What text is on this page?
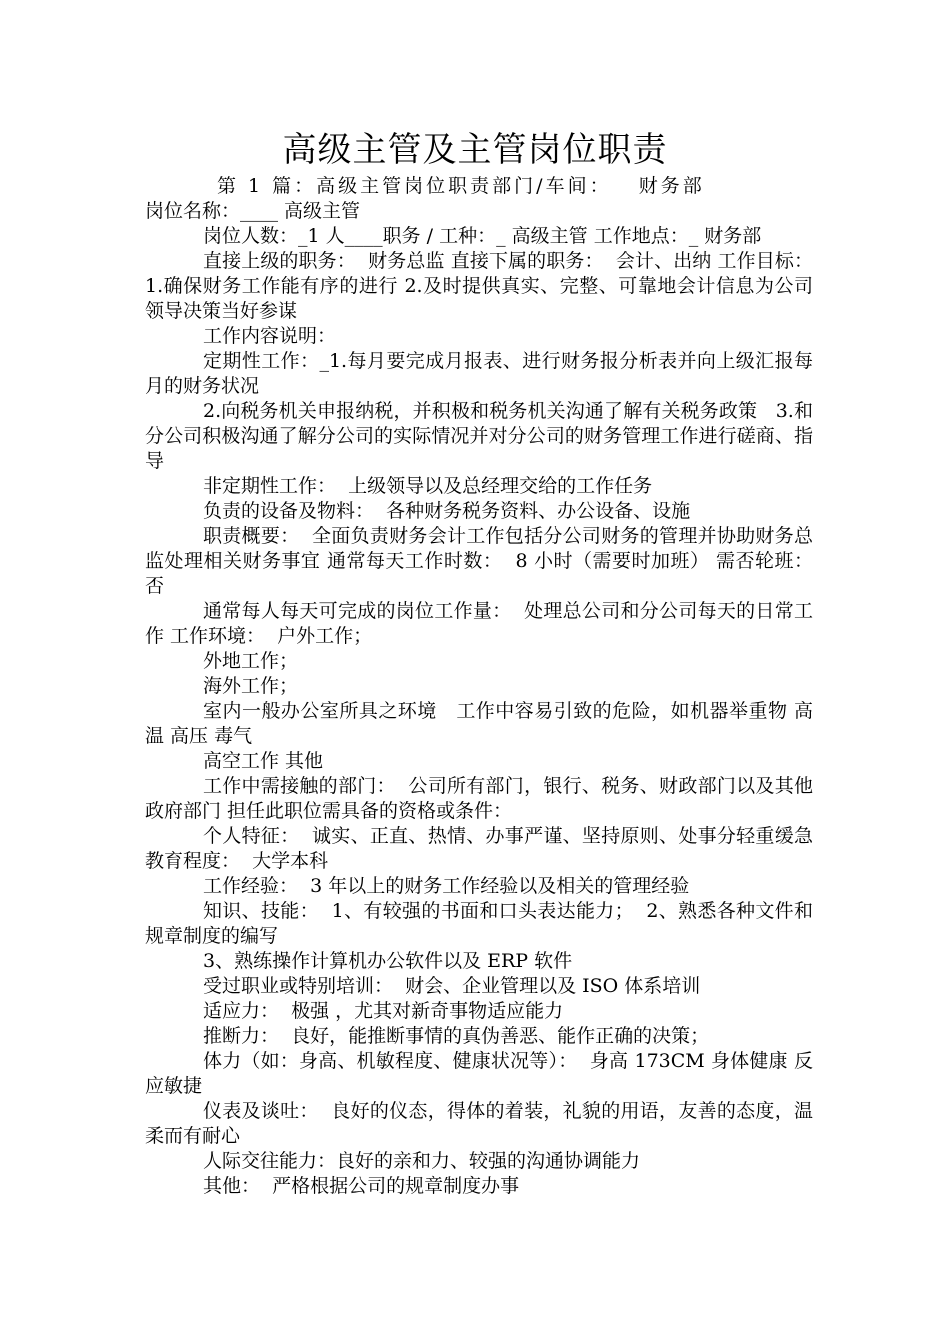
高级主管及主管岗位职责

第 1 篇：高级主管岗位职责部门/车间：   财务部

岗位名称：____ 高级主管

岗位人数：_1 人____职务 / 工种：_ 高级主管 工作地点：_ 财务部

直接上级的职务：  财务总监 直接下属的职务：  会计、出纳 工作目标：  1.确保财务工作能有序的进行 2.及时提供真实、完整、可靠地会计信息为公司领导决策当好参谋

工作内容说明：

定期性工作：_1.每月要完成月报表、进行财务报分析表并向上级汇报每月的财务状况

2.向税务机关申报纳税，并积极和税务机关沟通了解有关税务政策   3.和分公司积极沟通了解分公司的实际情况并对分公司的财务管理工作进行磋商、指导

非定期性工作：  上级领导以及总经理交给的工作任务

负责的设备及物料：  各种财务税务资料、办公设备、设施

职责概要：  全面负责财务会计工作包括分公司财务的管理并协助财务总监处理相关财务事宜 通常每天工作时数：  8 小时（需要时加班） 需否轮班：  否

通常每人每天可完成的岗位工作量：  处理总公司和分公司每天的日常工作 工作环境：  户外工作；

外地工作；

海外工作；

室内一般办公室所具之环境   工作中容易引致的危险，如机器举重物 高温 高压 毒气

高空工作 其他

工作中需接触的部门：  公司所有部门，银行、税务、财政部门以及其他政府部门 担任此职位需具备的资格或条件：

个人特征：  诚实、正直、热情、办事严谨、坚持原则、处事分轻重缓急 教育程度：  大学本科

工作经验：  3 年以上的财务工作经验以及相关的管理经验

知识、技能：  1、有较强的书面和口头表达能力；  2、熟悉各种文件和规章制度的编写

3、熟练操作计算机办公软件以及 ERP 软件

受过职业或特别培训：  财会、企业管理以及 ISO 体系培训

适应力：  极强 ，尤其对新奇事物适应能力

推断力：  良好，能推断事情的真伪善恶、能作正确的决策；

体力（如：身高、机敏程度、健康状况等）：  身高 173CM 身体健康 反应敏捷

仪表及谈吐：  良好的仪态，得体的着装，礼貌的用语，友善的态度，温柔而有耐心

人际交往能力：良好的亲和力、较强的沟通协调能力

其他：  严格根据公司的规章制度办事
